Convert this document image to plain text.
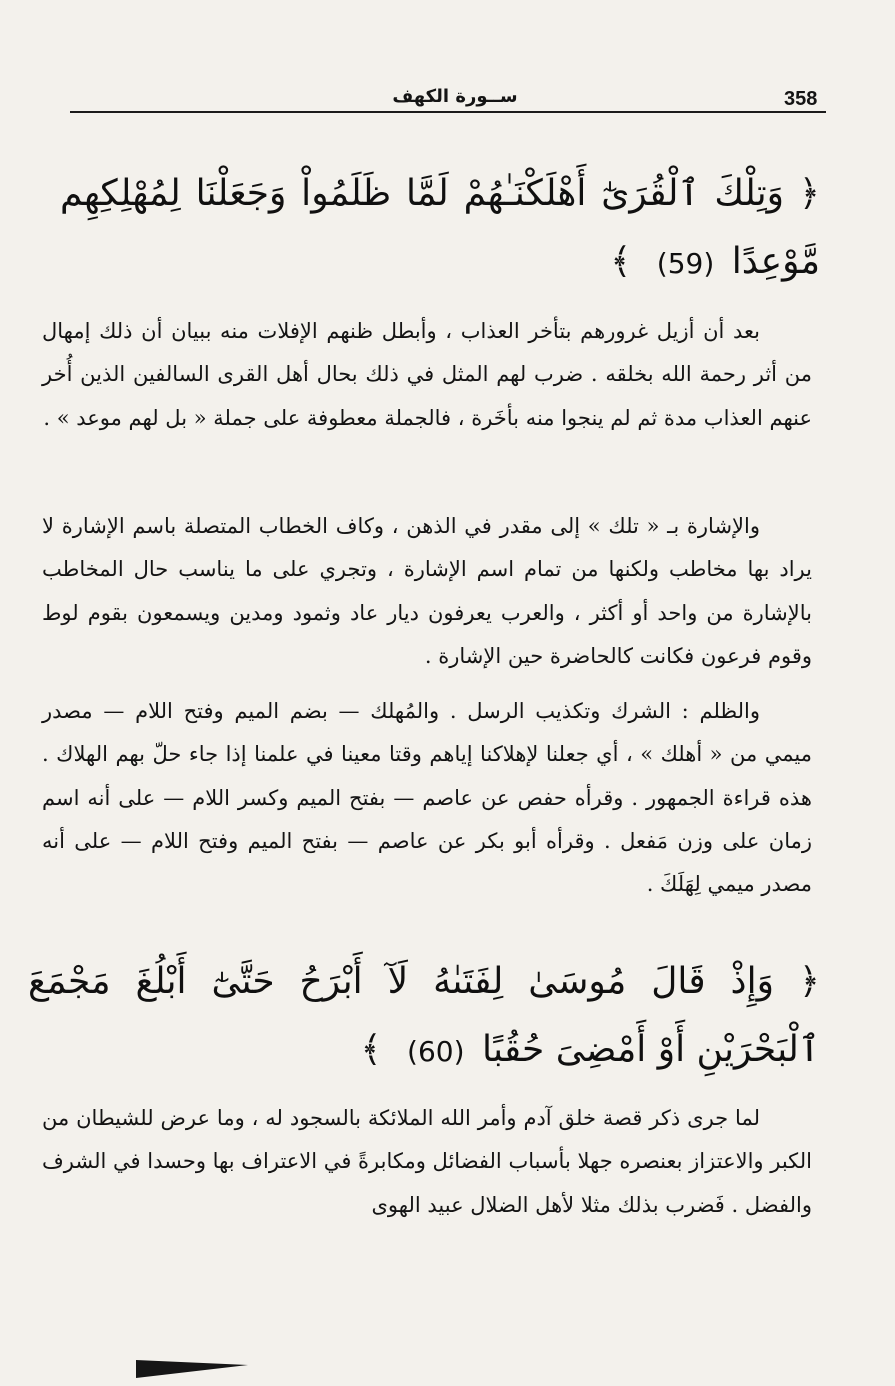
358
ســورة الكهف
﴿ وَتِلْكَ ٱلْقُرَىٰٓ أَهْلَكْنَـٰهُمْ لَمَّا ظَلَمُواْ وَجَعَلْنَا لِمُهْلِكِهِم مَّوْعِدًا (59) ﴾

بعد أن أزيل غرورهم بتأخر العذاب ، وأبطل ظنهم الإفلات منه ببيان أن ذلك إمهال من أثر رحمة الله بخلقه . ضرب لهم المثل في ذلك بحال أهل القرى السالفين الذين أُخر عنهم العذاب مدة ثم لم ينجوا منه بأخَرة ، فالجملة معطوفة على جملة « بل لهم موعد » .

والإشارة بـ « تلك » إلى مقدر في الذهن ، وكاف الخطاب المتصلة باسم الإشارة لا يراد بها مخاطب ولكنها من تمام اسم الإشارة ، وتجري على ما يناسب حال المخاطب بالإشارة من واحد أو أكثر ، والعرب يعرفون ديار عاد وثمود ومدين ويسمعون بقوم لوط وقوم فرعون فكانت كالحاضرة حين الإشارة .

والظلم : الشرك وتكذيب الرسل . والمُهلك — بضم الميم وفتح اللام — مصدر ميمي من « أهلك » ، أي جعلنا لإهلاكنا إياهم وقتا معينا في علمنا إذا جاء حلّ بهم الهلاك . هذه قراءة الجمهور . وقرأه حفص عن عاصم — بفتح الميم وكسر اللام — على أنه اسم زمان على وزن مَفعل . وقرأه أبو بكر عن عاصم — بفتح الميم وفتح اللام — على أنه مصدر ميمي لِهَلَكَ .

﴿ وَإِذْ قَالَ مُوسَىٰ لِفَتَىٰهُ لَآ أَبْرَحُ حَتَّىٰٓ أَبْلُغَ مَجْمَعَ ٱلْبَحْرَيْنِ أَوْ أَمْضِىَ حُقُبًا (60) ﴾

لما جرى ذكر قصة خلق آدم وأمر الله الملائكة بالسجود له ، وما عرض للشيطان من الكبر والاعتزاز بعنصره جهلا بأسباب الفضائل ومكابرةً في الاعتراف بها وحسدا في الشرف والفضل . فَضرب بذلك مثلا لأهل الضلال عبيد الهوى
